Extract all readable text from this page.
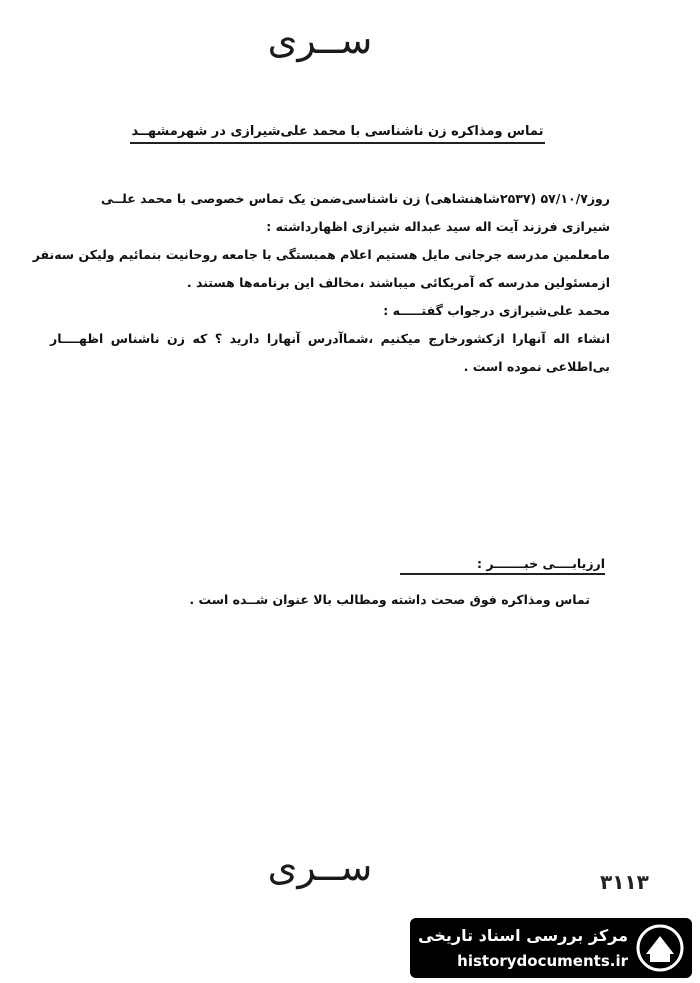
ســری
تماس ومذاکره زن ناشناسی با محمد علی‌شیرازی در شهرمشهــد
روز۵۷/۱۰/۷ (۲۵۳۷شاهنشاهی) زن ناشناسی‌ضمن یک تماس خصوصی با محمد علــی
شیرازی فرزند آیت اله سید عبداله شیرازی اظهارداشته :
مامعلمین مدرسه جرجانی مایل هستیم اعلام همبستگی با جامعه روحانیت بنمائیم ولیکن سه‌نفر
ازمسئولین مدرسه که آمریکائی میباشند ،مخالف این برنامه‌ها هستند .
محمد علی‌شیرازی درجواب گفتـــــه :
انشاء اله آنهارا ازکشورخارج میکنیم ،شماآدرس آنهارا دارید ؟ که زن ناشناس اظهــــار
بی‌اطلاعی نموده است .
ارزیابــــی خبـــــــر :
تماس ومذاکره فوق صحت داشته ومطالب بالا عنوان شــده است .
ســری	۳۱۱۳
مرکز بررسی اسناد تاریخی
historydocuments.ir
